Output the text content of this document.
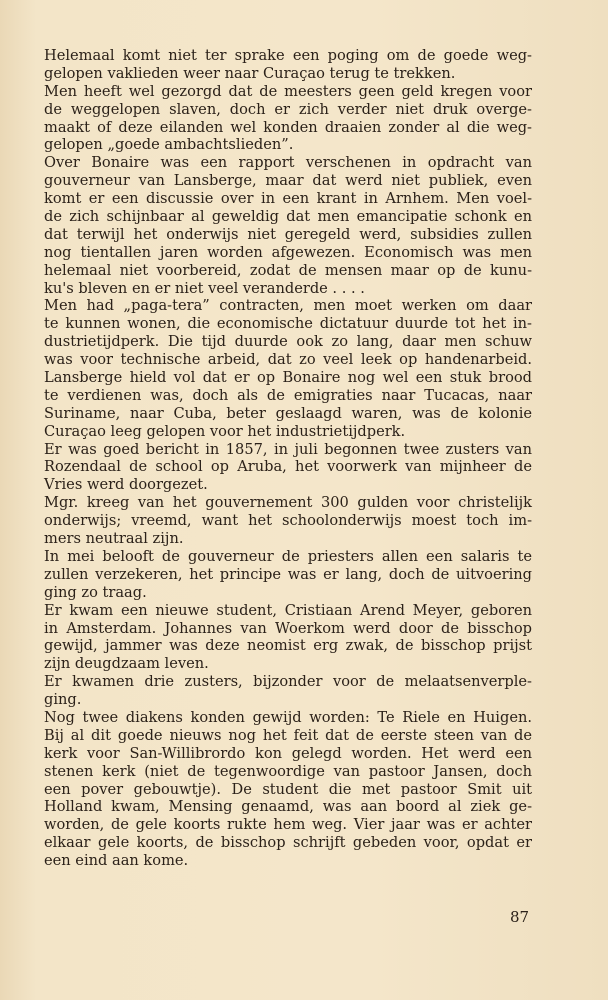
Helemaal komt niet ter sprake een poging om de goede weg-
gelopen vaklieden weer naar Curaçao terug te trekken.
Men heeft wel gezorgd dat de meesters geen geld kregen voor
de weggelopen slaven, doch er zich verder niet druk overge-
maakt of deze eilanden wel konden draaien zonder al die weg-
gelopen „goede ambachtslieden”.
Over Bonaire was een rapport verschenen in opdracht van
gouverneur van Lansberge, maar dat werd niet publiek, even
komt er een discussie over in een krant in Arnhem. Men voel-
de zich schijnbaar al geweldig dat men emancipatie schonk en
dat terwijl het onderwijs niet geregeld werd, subsidies zullen
nog tientallen jaren worden afgewezen. Economisch was men
helemaal niet voorbereid, zodat de mensen maar op de kunu-
ku's bleven en er niet veel veranderde . . . .
Men had „paga-tera” contracten, men moet werken om daar
te kunnen wonen, die economische dictatuur duurde tot het in-
dustrietijdperk. Die tijd duurde ook zo lang, daar men schuw
was voor technische arbeid, dat zo veel leek op handenarbeid.
Lansberge hield vol dat er op Bonaire nog wel een stuk brood
te verdienen was, doch als de emigraties naar Tucacas, naar
Suriname, naar Cuba, beter geslaagd waren, was de kolonie
Curaçao leeg gelopen voor het industrietijdperk.
Er was goed bericht in 1857, in juli begonnen twee zusters van
Rozendaal de school op Aruba, het voorwerk van mijnheer de
Vries werd doorgezet.
Mgr. kreeg van het gouvernement 300 gulden voor christelijk
onderwijs; vreemd, want het schoolonderwijs moest toch im-
mers neutraal zijn.
In mei belooft de gouverneur de priesters allen een salaris te
zullen verzekeren, het principe was er lang, doch de uitvoering
ging zo traag.
Er kwam een nieuwe student, Cristiaan Arend Meyer, geboren
in Amsterdam. Johannes van Woerkom werd door de bisschop
gewijd, jammer was deze neomist erg zwak, de bisschop prijst
zijn deugdzaam leven.
Er kwamen drie zusters, bijzonder voor de melaatsenverple-
ging.
Nog twee diakens konden gewijd worden: Te Riele en Huigen.
Bij al dit goede nieuws nog het feit dat de eerste steen van de
kerk voor San-Willibrordo kon gelegd worden. Het werd een
stenen kerk (niet de tegenwoordige van pastoor Jansen, doch
een pover gebouwtje). De student die met pastoor Smit uit
Holland kwam, Mensing genaamd, was aan boord al ziek ge-
worden, de gele koorts rukte hem weg. Vier jaar was er achter
elkaar gele koorts, de bisschop schrijft gebeden voor, opdat er
een eind aan kome.
87
